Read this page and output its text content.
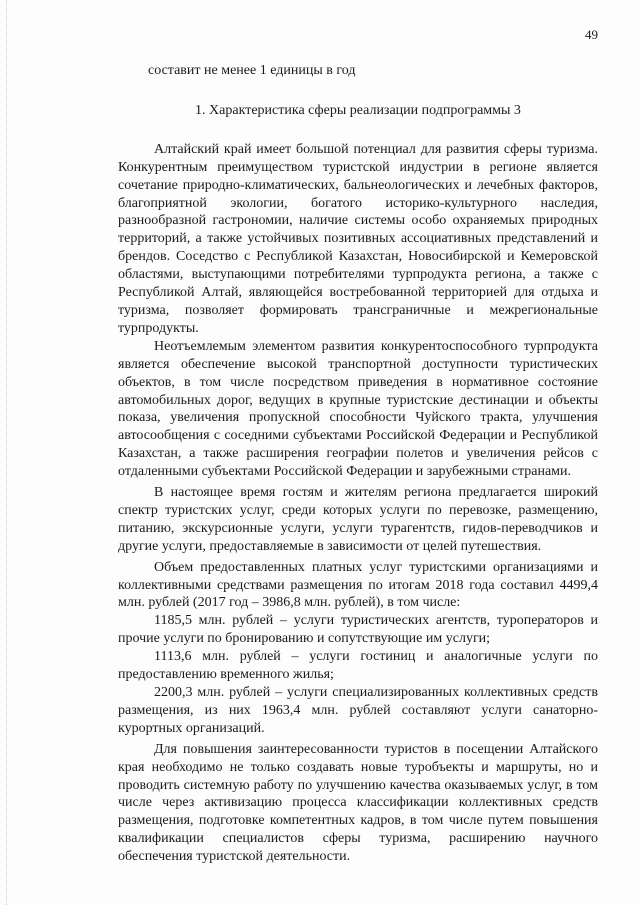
49

составит не менее 1 единицы в год

1. Характеристика сферы реализации подпрограммы 3

Алтайский край имеет большой потенциал для развития сферы туризма. Конкурентным преимуществом туристской индустрии в регионе является сочетание природно-климатических, бальнеологических и лечебных факторов, благоприятной экологии, богатого историко-культурного наследия, разнообразной гастрономии, наличие системы особо охраняемых природных территорий, а также устойчивых позитивных ассоциативных представлений и брендов. Соседство с Республикой Казахстан, Новосибирской и Кемеровской областями, выступающими потребителями турпродукта региона, а также с Республикой Алтай, являющейся востребованной территорией для отдыха и туризма, позволяет формировать трансграничные и межрегиональные турпродукты.

Неотъемлемым элементом развития конкурентоспособного турпродукта является обеспечение высокой транспортной доступности туристических объектов, в том числе посредством приведения в нормативное состояние автомобильных дорог, ведущих в крупные туристские дестинации и объекты показа, увеличения пропускной способности Чуйского тракта, улучшения автосообщения с соседними субъектами Российской Федерации и Республикой Казахстан, а также расширения географии полетов и увеличения рейсов с отдаленными субъектами Российской Федерации и зарубежными странами.

В настоящее время гостям и жителям региона предлагается широкий спектр туристских услуг, среди которых услуги по перевозке, размещению, питанию, экскурсионные услуги, услуги турагентств, гидов-переводчиков и другие услуги, предоставляемые в зависимости от целей путешествия.

Объем предоставленных платных услуг туристскими организациями и коллективными средствами размещения по итогам 2018 года составил 4499,4 млн. рублей (2017 год – 3986,8 млн. рублей), в том числе:

1185,5 млн. рублей – услуги туристических агентств, туроператоров и прочие услуги по бронированию и сопутствующие им услуги;

1113,6 млн. рублей – услуги гостиниц и аналогичные услуги по предоставлению временного жилья;

2200,3 млн. рублей – услуги специализированных коллективных средств размещения, из них 1963,4 млн. рублей составляют услуги санаторно-курортных организаций.

Для повышения заинтересованности туристов в посещении Алтайского края необходимо не только создавать новые туробъекты и маршруты, но и проводить системную работу по улучшению качества оказываемых услуг, в том числе через активизацию процесса классификации коллективных средств размещения, подготовке компетентных кадров, в том числе путем повышения квалификации специалистов сферы туризма, расширению научного обеспечения туристской деятельности.
